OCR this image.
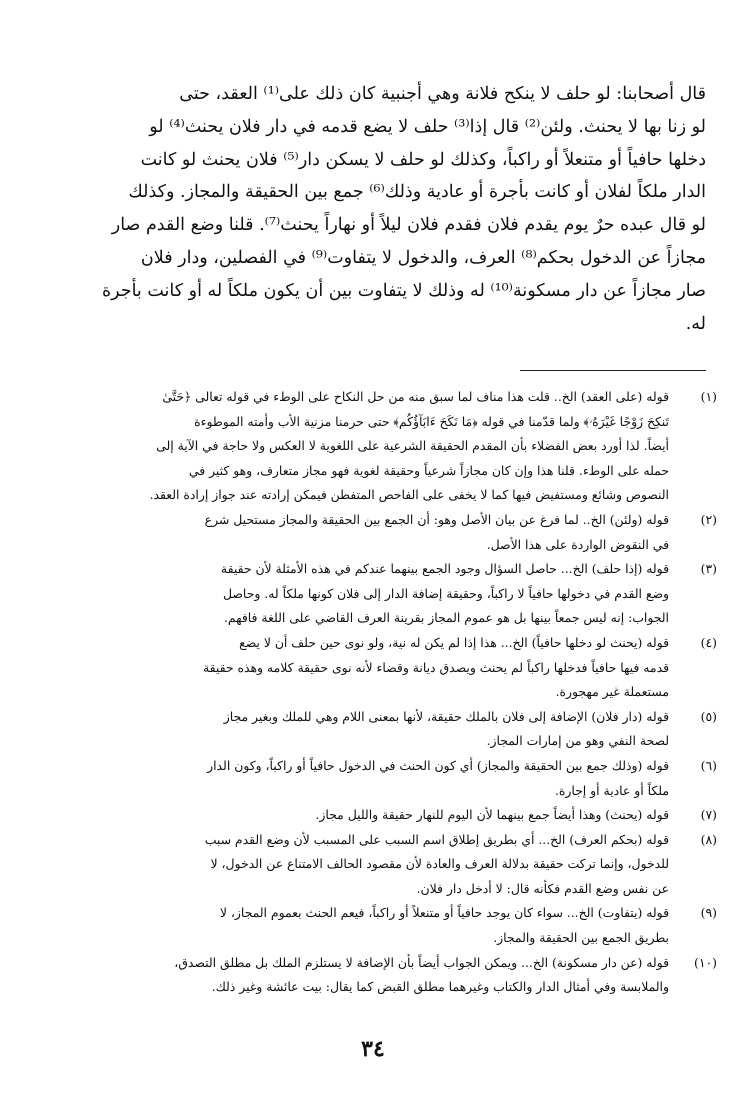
قال أصحابنا: لو حلف لا ينكح فلانة وهي أجنبية كان ذلك على⁽¹⁾ العقد، حتى
لو زنا بها لا يحنث. ولئن⁽²⁾ قال إذا⁽³⁾ حلف لا يضع قدمه في دار فلان يحنث⁽⁴⁾ لو
دخلها حافياً أو متنعلاً أو راكباً، وكذلك لو حلف لا يسكن دار⁽⁵⁾ فلان يحنث لو كانت
الدار ملكاً لفلان أو كانت بأجرة أو عادية وذلك⁽⁶⁾ جمع بين الحقيقة والمجاز. وكذلك
لو قال عبده حرٌ يوم يقدم فلان فقدم فلان ليلاً أو نهاراً يحنث⁽⁷⁾. قلنا وضع القدم صار
مجازاً عن الدخول بحكم⁽⁸⁾ العرف، والدخول لا يتفاوت⁽⁹⁾ في الفصلين، ودار فلان
صار مجازاً عن دار مسكونة⁽¹⁰⁾ له وذلك لا يتفاوت بين أن يكون ملكاً له أو كانت بأجرة
له.
(١)
قوله (على العقد) الخ.. قلت هذا مناف لما سبق منه من حل النكاح على الوطء في قوله تعالى ﴿حَتَّىٰ
تَنكِحَ زَوْجًا غَيْرَهُۥ﴾ ولما قدّمنا في قوله ﴿مَا نَكَحَ ءَابَآؤُكُم﴾ حتى حرمنا مزنية الأب وأمته الموطوءة
أيضاً. لذا أورد بعض الفضلاء بأن المقدم الحقيقة الشرعية على اللغوية لا العكس ولا حاجة في الآية إلى
حمله على الوطء. قلنا هذا وإن كان مجازاً شرعياً وحقيقة لغوية فهو مجاز متعارف، وهو كثير في
النصوص وشائع ومستفيض فيها كما لا يخفى على الفاحص المتفطن فيمكن إرادته عند جواز إرادة العقد.
(٢)
قوله (ولئن) الخ.. لما فرغ عن بيان الأصل وهو: أن الجمع بين الحقيقة والمجاز مستحيل شرع
في النقوض الواردة على هذا الأصل.
(٣)
قوله (إذا حلف) الخ... حاصل السؤال وجود الجمع بينهما عندكم في هذه الأمثلة لأن حقيقة
وضع القدم في دخولها حافياً لا راكباً، وحقيقة إضافة الدار إلى فلان كونها ملكاً له. وحاصل
الجواب: إنه ليس جمعاً بينها بل هو عموم المجاز بقرينة العرف القاضي على اللغة فافهم.
(٤)
قوله (يحنث لو دخلها حافياً) الخ... هذا إذا لم يكن له نية، ولو نوى حين حلف أن لا يضع
قدمه فيها حافياً فدخلها راكباً لم يحنث ويصدق ديانة وقضاء لأنه نوى حقيقة كلامه وهذه حقيقة
مستعملة غير مهجورة.
(٥)
قوله (دار فلان) الإضافة إلى فلان بالملك حقيقة، لأنها بمعنى اللام وهي للملك وبغير مجاز
لصحة النفي وهو من إمارات المجاز.
(٦)
قوله (وذلك جمع بين الحقيقة والمجاز) أي كون الحنث في الدخول حافياً أو راكباً، وكون الدار
ملكاً أو عادية أو إجارة.
(٧)
قوله (يحنث) وهذا أيضاً جمع بينهما لأن اليوم للنهار حقيقة والليل مجاز.
(٨)
قوله (بحكم العرف) الخ... أي بطريق إطلاق اسم السبب على المسبب لأن وضع القدم سبب
للدخول، وإنما تركت حقيقة بدلالة العرف والعادة لأن مقصود الحالف الامتناع عن الدخول، لا
عن نفس وضع القدم فكأنه قال: لا أدخل دار فلان.
(٩)
قوله (يتفاوت) الخ... سواء كان يوجد حافياً أو متنعلاً أو راكباً، فيعم الحنث بعموم المجاز، لا
بطريق الجمع بين الحقيقة والمجاز.
(١٠)
قوله (عن دار مسكونة) الخ... ويمكن الجواب أيضاً بأن الإضافة لا يستلزم الملك بل مطلق التصدق،
والملابسة وفي أمثال الدار والكتاب وغيرهما مطلق القبض كما يقال: بيت عائشة وغير ذلك.
٣٤
